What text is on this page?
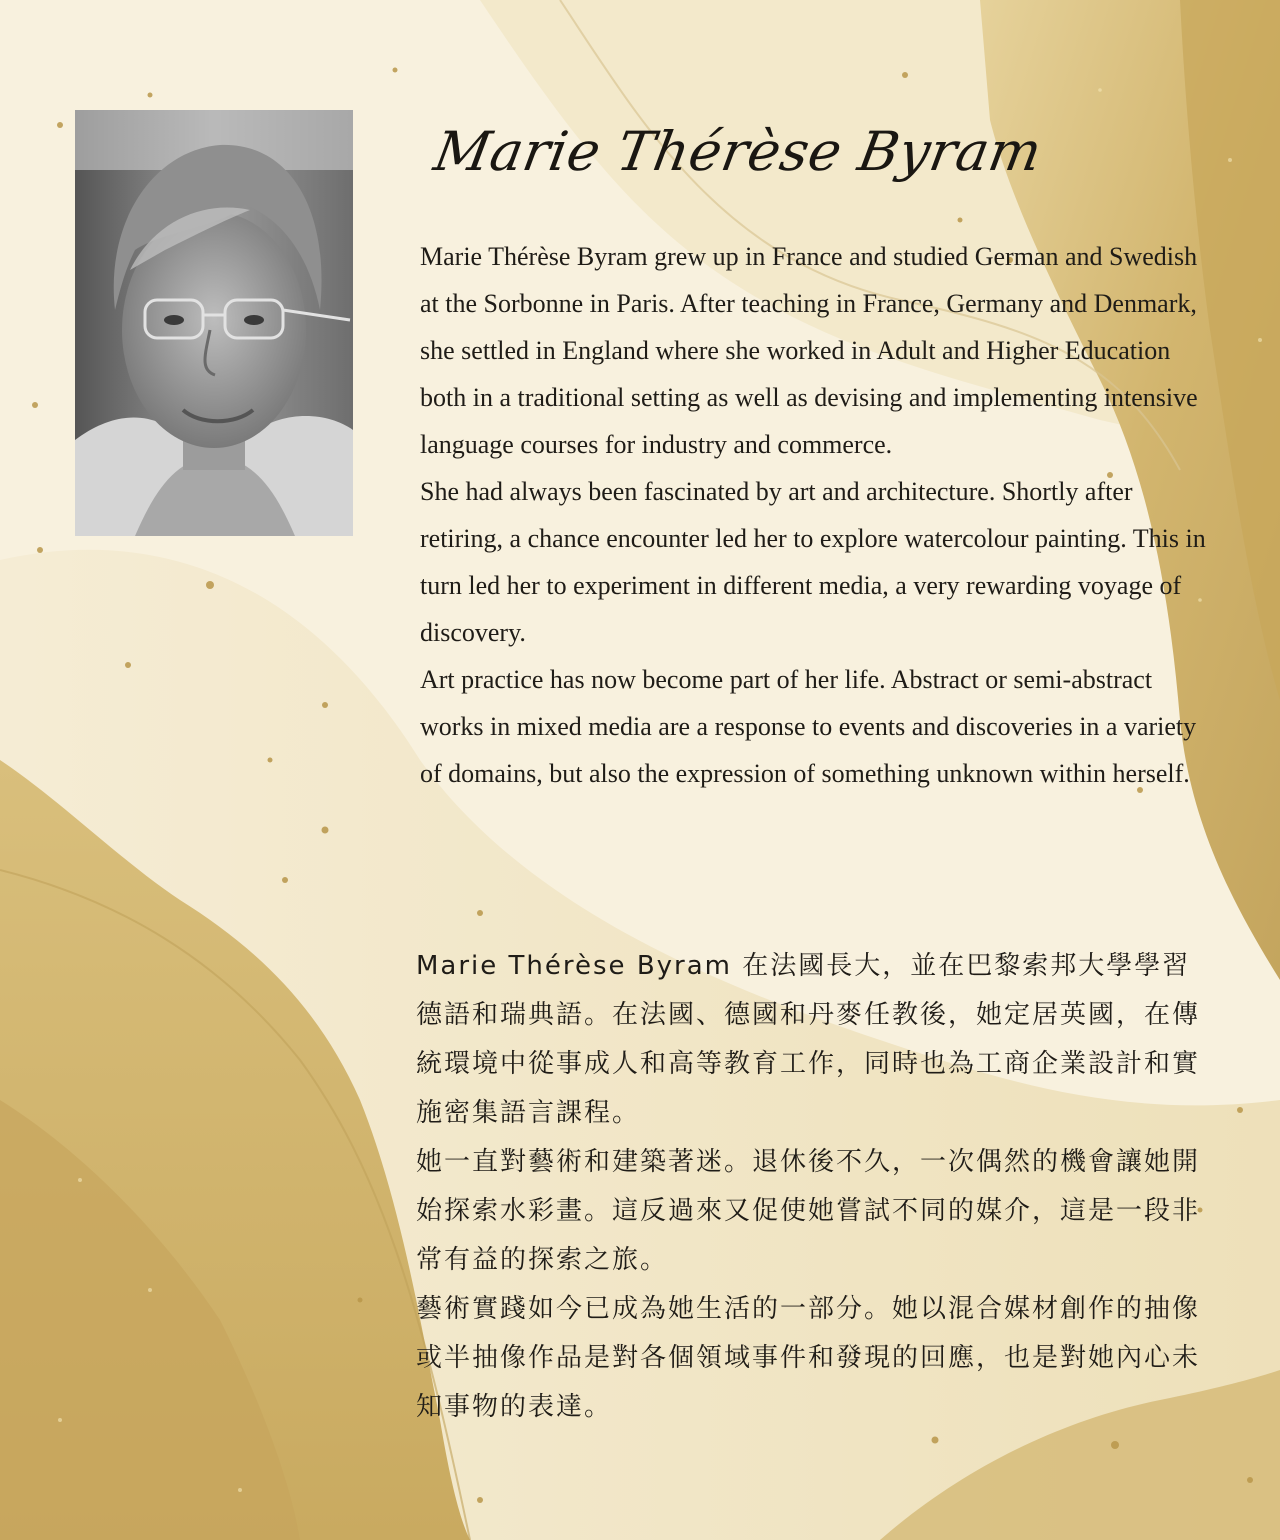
Marie Thérèse Byram

Marie Thérèse Byram grew up in France and studied German and Swedish at the Sorbonne in Paris. After teaching in France, Germany and Denmark, she settled in England where she worked in Adult and Higher Education both in a traditional setting as well as devising and implementing intensive language courses for industry and commerce.

She had always been fascinated by art and architecture. Shortly after retiring, a chance encounter led her to explore watercolour painting. This in turn led her to experiment in different media, a very rewarding voyage of discovery.

Art practice has now become part of her life. Abstract or semi-abstract works in mixed media are a response to events and discoveries in a variety of domains, but also the expression of something unknown within herself.

Marie Thérèse Byram 在法國長大，並在巴黎索邦大學學習德語和瑞典語。在法國、德國和丹麥任教後，她定居英國，在傳統環境中從事成人和高等教育工作，同時也為工商企業設計和實施密集語言課程。

她一直對藝術和建築著迷。退休後不久，一次偶然的機會讓她開始探索水彩畫。這反過來又促使她嘗試不同的媒介，這是一段非常有益的探索之旅。

藝術實踐如今已成為她生活的一部分。她以混合媒材創作的抽像或半抽像作品是對各個領域事件和發現的回應，也是對她內心未知事物的表達。
